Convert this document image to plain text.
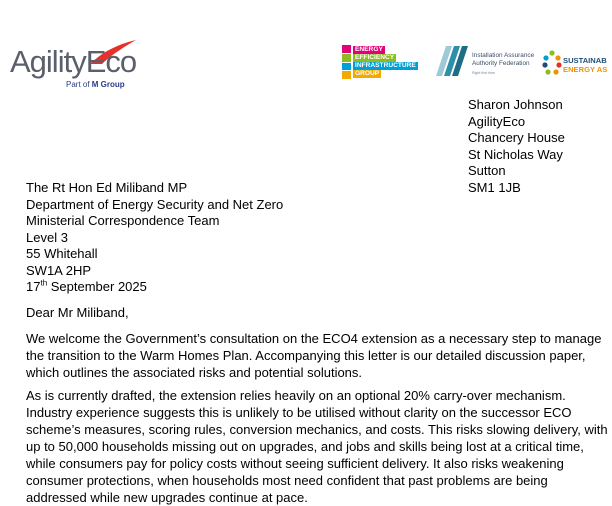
AgilityEco
Part of M Group
ENERGY
EFFICIENCY
INFRASTRUCTURE
GROUP
Installation Assurance
Authority Federation
Right first time
SUSTAINAB
ENERGY AS
Sharon Johnson
AgilityEco
Chancery House
St Nicholas Way
Sutton
SM1 1JB
The Rt Hon Ed Miliband MP
Department of Energy Security and Net Zero
Ministerial Correspondence Team
Level 3
55 Whitehall
SW1A 2HP
17th September 2025
Dear Mr Miliband,
We welcome the Government’s consultation on the ECO4 extension as a necessary step to manage
the transition to the Warm Homes Plan. Accompanying this letter is our detailed discussion paper,
which outlines the associated risks and potential solutions.
As is currently drafted, the extension relies heavily on an optional 20% carry-over mechanism.
Industry experience suggests this is unlikely to be utilised without clarity on the successor ECO
scheme’s measures, scoring rules, conversion mechanics, and costs. This risks slowing delivery, with
up to 50,000 households missing out on upgrades, and jobs and skills being lost at a critical time,
while consumers pay for policy costs without seeing sufficient delivery. It also risks weakening
consumer protections, when households most need confident that past problems are being
addressed while new upgrades continue at pace.
